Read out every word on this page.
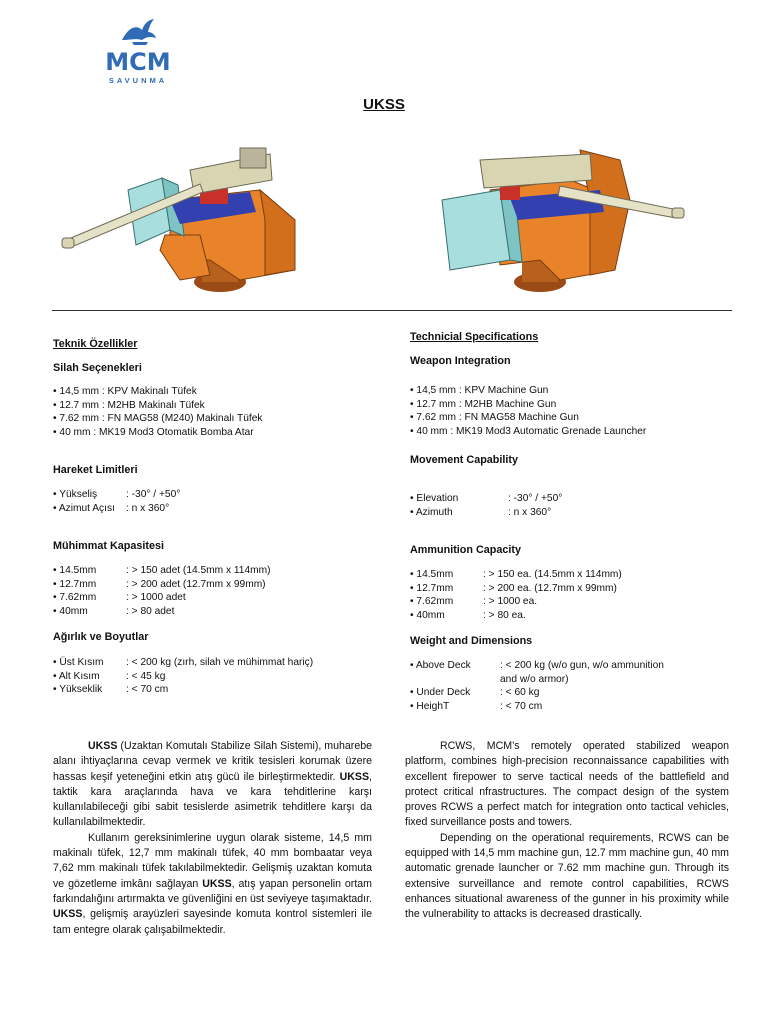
MCM
SAVUNMA
UKSS
Teknik Özellikler
Silah Seçenekleri
• 14,5 mm : KPV Makinalı Tüfek
• 12.7 mm : M2HB Makinalı Tüfek
• 7.62 mm : FN MAG58 (M240) Makinalı Tüfek
• 40 mm : MK19 Mod3 Otomatik Bomba Atar
Hareket Limitleri
• Yükseliş	: -30° / +50°
• Azimut Açısı : n x 360°
Mühimmat Kapasitesi
• 14.5mm	: > 150 adet (14.5mm x 114mm)
• 12.7mm	: > 200 adet (12.7mm x 99mm)
• 7.62mm	: > 1000 adet
• 40mm	: > 80 adet
Ağırlık ve Boyutlar
• Üst Kısım : < 200 kg (zırh, silah ve mühimmat hariç)
• Alt Kısım	: < 45 kg
• Yükseklik : < 70 cm
Technicial Specifications
Weapon Integration
• 14,5 mm : KPV Machine Gun
• 12.7 mm : M2HB Machine Gun
• 7.62 mm : FN MAG58 Machine Gun
• 40 mm : MK19 Mod3 Automatic Grenade Launcher
Movement Capability
• Elevation	: -30° / +50°
• Azimuth	: n x 360°
Ammunition Capacity
• 14.5mm	: > 150 ea. (14.5mm x 114mm)
• 12.7mm	: > 200 ea. (12.7mm x 99mm)
• 7.62mm	: > 1000 ea.
• 40mm	: > 80 ea.
Weight and Dimensions
• Above Deck	: < 200 kg (w/o gun, w/o ammunition
and w/o armor)
• Under Deck	: < 60 kg
• HeighT	: < 70 cm

UKSS (Uzaktan Komutalı Stabilize Silah Sistemi), muharebe alanı ihtiyaçlarına cevap vermek ve kritik tesisleri korumak üzere hassas keşif yeteneğini etkin atış gücü ile birleştirmektedir. UKSS, taktik kara araçlarında hava ve kara tehditlerine karşı kullanılabileceği gibi sabit tesislerde asimetrik tehditlere karşı da kullanılabilmektedir.

Kullanım gereksinimlerine uygun olarak sisteme, 14,5 mm makinalı tüfek, 12,7 mm makinalı tüfek, 40 mm bombaatar veya 7,62 mm makinalı tüfek takılabilmektedir. Gelişmiş uzaktan komuta ve gözetleme imkânı sağlayan UKSS, atış yapan personelin ortam farkındalığını artırmakta ve güvenliğini en üst seviyeye taşımaktadır. UKSS, gelişmiş arayüzleri sayesinde komuta kontrol sistemleri ile tam entegre olarak çalışabilmektedir.

RCWS, MCM’s remotely operated stabilized weapon platform, combines high-precision reconnaissance capabilities with excellent firepower to serve tactical needs of the battlefield and protect critical nfrastructures. The compact design of the system proves RCWS a perfect match for integration onto tactical vehicles, fixed surveillance posts and towers.

Depending on the operational requirements, RCWS can be equipped with 14,5 mm machine gun, 12.7 mm machine gun, 40 mm automatic grenade launcher or 7.62 mm machine gun. Through its extensive surveillance and remote control capabilities, RCWS enhances situational awareness of the gunner in his proximity while the vulnerability to attacks is decreased drastically.
